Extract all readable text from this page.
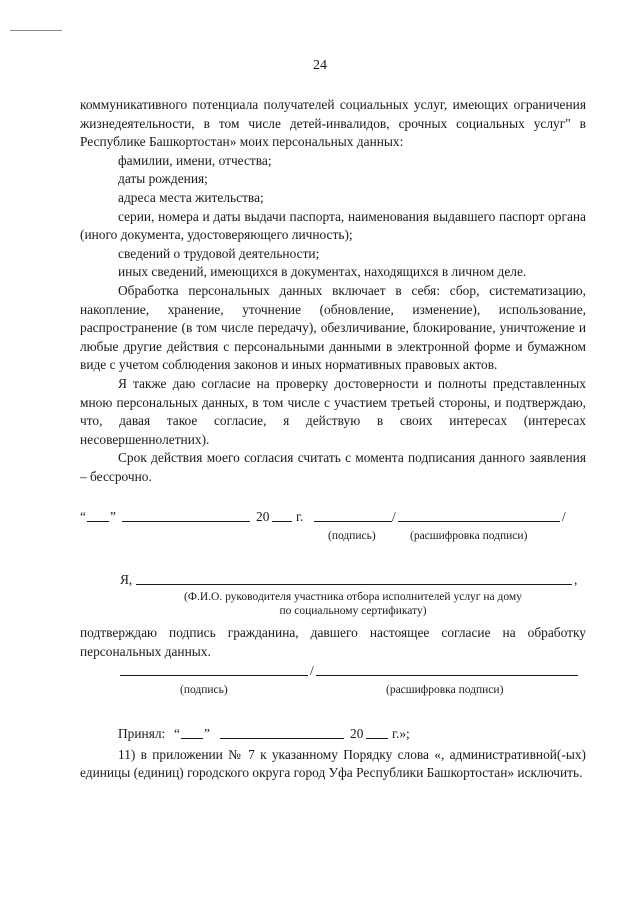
24

коммуникативного потенциала получателей социальных услуг, имеющих ограничения жизнедеятельности, в том числе детей-инвалидов, срочных социальных услуг" в Республике Башкортостан» моих персональных данных:

фамилии, имени, отчества;

даты рождения;

адреса места жительства;

серии, номера и даты выдачи паспорта, наименования выдавшего паспорт органа (иного документа, удостоверяющего личность);

сведений о трудовой деятельности;

иных сведений, имеющихся в документах, находящихся в личном деле.

Обработка персональных данных включает в себя: сбор, систематизацию, накопление, хранение, уточнение (обновление, изменение), использование, распространение (в том числе передачу), обезличивание, блокирование, уничтожение и любые другие действия с персональными данными в электронной форме и бумажном виде с учетом соблюдения законов и иных нормативных правовых актов.

Я также даю согласие на проверку достоверности и полноты представленных мною персональных данных, в том числе с участием третьей стороны, и подтверждаю, что, давая такое согласие, я действую в своих интересах (интересах несовершеннолетних).

Срок действия моего согласия считать с момента подписания данного заявления – бессрочно.

“ ”	20 г.	/	/
(подпись)	(расшифровка подписи)
Я,	,
(Ф.И.О. руководителя участника отбора исполнителей услуг на дому
по социальному сертификату)

подтверждаю подпись гражданина, давшего настоящее согласие на обработку персональных данных.

/
(подпись)	(расшифровка подписи)
Принял: “ ”	20 г.»;

11) в приложении № 7 к указанному Порядку слова «, административной(-ых) единицы (единиц) городского округа город Уфа Республики Башкортостан» исключить.
